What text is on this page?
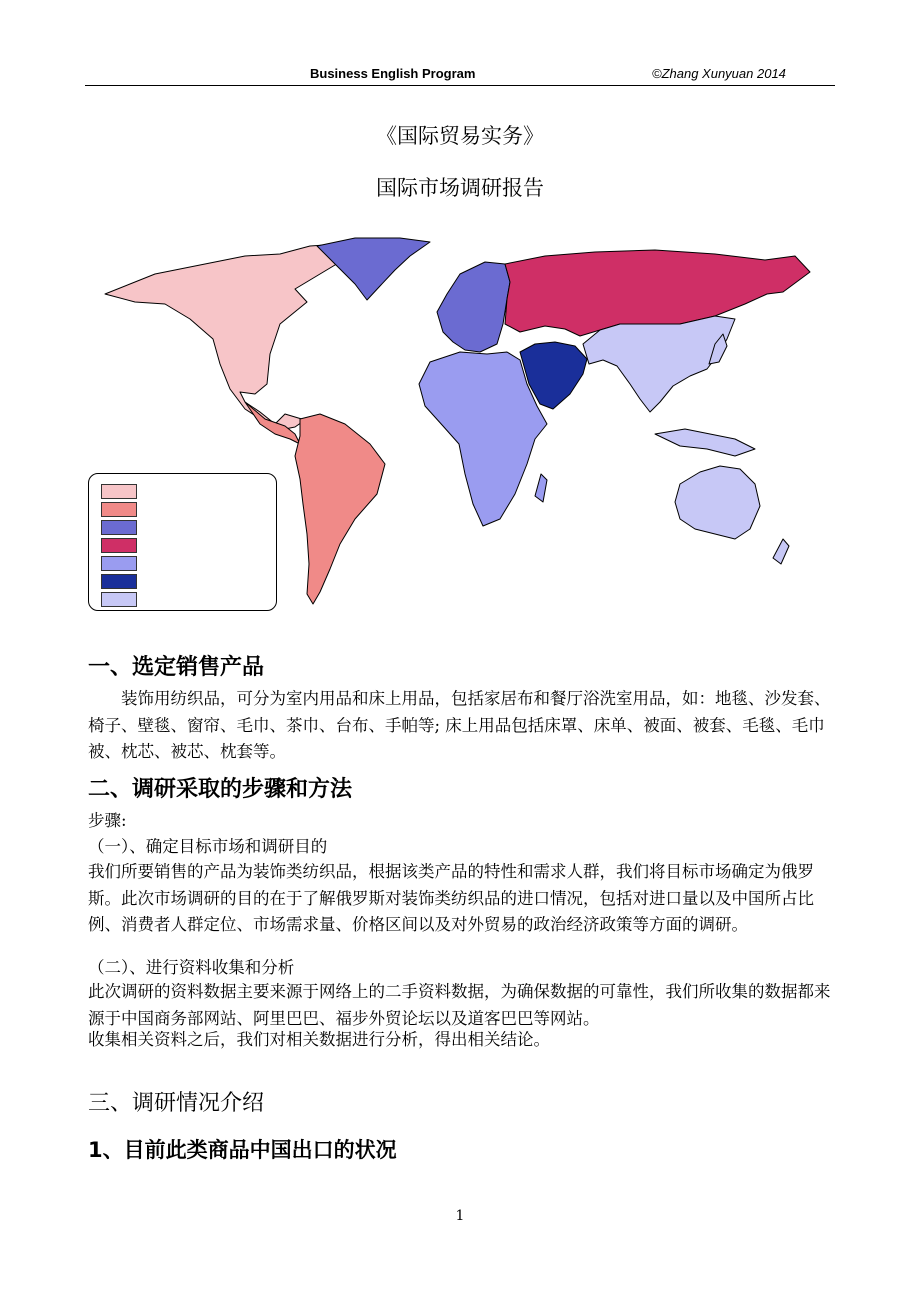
Business English Program	©Zhang Xunyuan 2014
《国际贸易实务》
国际市场调研报告
一、选定销售产品
装饰用纺织品，可分为室内用品和床上用品，包括家居布和餐厅浴洗室用品，如：地毯、沙发套、椅子、壁毯、窗帘、毛巾、茶巾、台布、手帕等; 床上用品包括床罩、床单、被面、被套、毛毯、毛巾被、枕芯、被芯、枕套等。
二、调研采取的步骤和方法
步骤:
（一）、确定目标市场和调研目的
我们所要销售的产品为装饰类纺织品，根据该类产品的特性和需求人群，我们将目标市场确定为俄罗斯。此次市场调研的目的在于了解俄罗斯对装饰类纺织品的进口情况，包括对进口量以及中国所占比例、消费者人群定位、市场需求量、价格区间以及对外贸易的政治经济政策等方面的调研。
（二）、进行资料收集和分析
此次调研的资料数据主要来源于网络上的二手资料数据，为确保数据的可靠性，我们所收集的数据都来源于中国商务部网站、阿里巴巴、福步外贸论坛以及道客巴巴等网站。
收集相关资料之后，我们对相关数据进行分析，得出相关结论。
三、调研情况介绍
1、目前此类商品中国出口的状况
1
